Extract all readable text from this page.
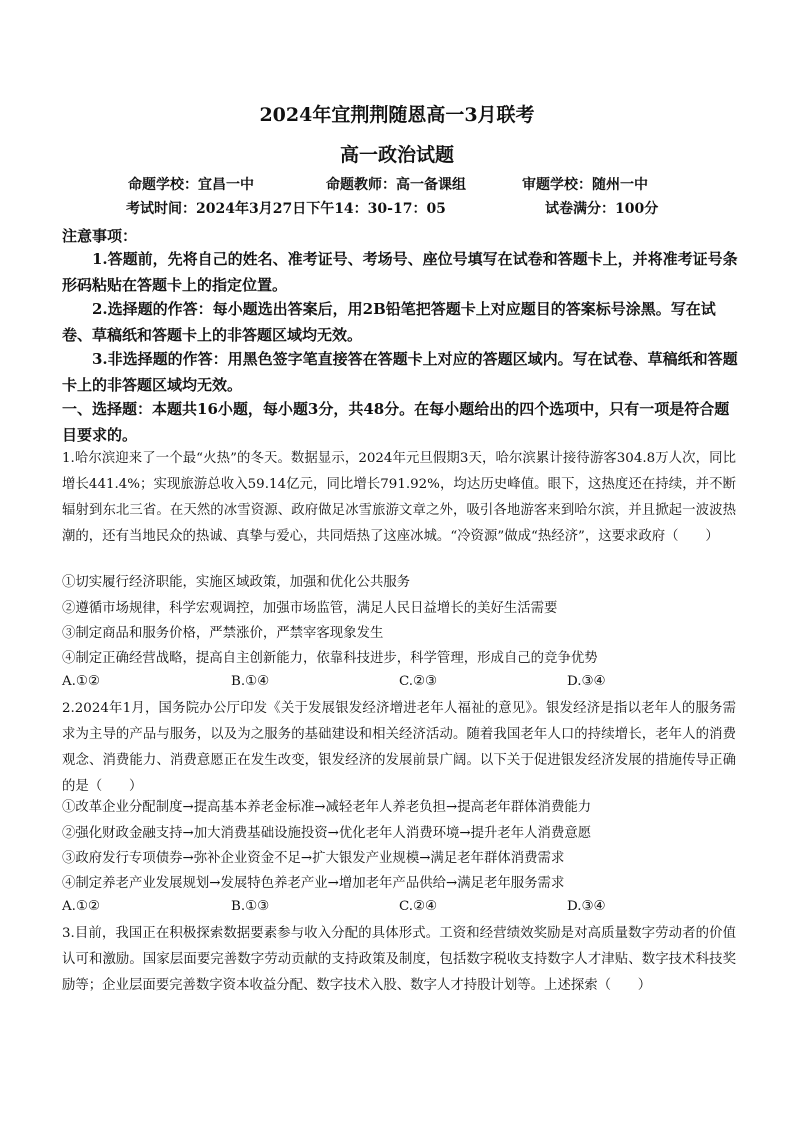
2024年宜荆荆随恩高一3月联考
高一政治试题
命题学校：宜昌一中	命题教师：高一备课组	审题学校：随州一中
考试时间：2024年3月27日下午14：30-17：05	试卷满分：100分
注意事项：

1.答题前，先将自己的姓名、准考证号、考场号、座位号填写在试卷和答题卡上，并将准考证号条形码粘贴在答题卡上的指定位置。

2.选择题的作答：每小题选出答案后，用2B铅笔把答题卡上对应题目的答案标号涂黑。写在试卷、草稿纸和答题卡上的非答题区域均无效。

3.非选择题的作答：用黑色签字笔直接答在答题卡上对应的答题区域内。写在试卷、草稿纸和答题卡上的非答题区域均无效。

一、选择题：本题共16小题，每小题3分，共48分。在每小题给出的四个选项中，只有一项是符合题目要求的。

1.哈尔滨迎来了一个最“火热”的冬天。数据显示，2024年元旦假期3天，哈尔滨累计接待游客304.8万人次，同比增长441.4%；实现旅游总收入59.14亿元，同比增长791.92%，均达历史峰值。眼下，这热度还在持续，并不断辐射到东北三省。在天然的冰雪资源、政府做足冰雪旅游文章之外，吸引各地游客来到哈尔滨，并且掀起一波波热潮的，还有当地民众的热诚、真挚与爱心，共同焐热了这座冰城。“冷资源”做成“热经济”，这要求政府（　　）

①切实履行经济职能，实施区域政策，加强和优化公共服务
②遵循市场规律，科学宏观调控，加强市场监管，满足人民日益增长的美好生活需要
③制定商品和服务价格，严禁涨价，严禁宰客现象发生
④制定正确经营战略，提高自主创新能力，依靠科技进步，科学管理，形成自己的竞争优势
A.①②	B.①④	C.②③	D.③④

2.2024年1月，国务院办公厅印发《关于发展银发经济增进老年人福祉的意见》。银发经济是指以老年人的服务需求为主导的产品与服务，以及为之服务的基础建设和相关经济活动。随着我国老年人口的持续增长，老年人的消费观念、消费能力、消费意愿正在发生改变，银发经济的发展前景广阔。以下关于促进银发经济发展的措施传导正确的是（　　）

①改革企业分配制度→提高基本养老金标准→减轻老年人养老负担→提高老年群体消费能力
②强化财政金融支持→加大消费基础设施投资→优化老年人消费环境→提升老年人消费意愿
③政府发行专项债券→弥补企业资金不足→扩大银发产业规模→满足老年群体消费需求
④制定养老产业发展规划→发展特色养老产业→增加老年产品供给→满足老年服务需求
A.①②	B.①③	C.②④	D.③④

3.目前，我国正在积极探索数据要素参与收入分配的具体形式。工资和经营绩效奖励是对高质量数字劳动者的价值认可和激励。国家层面要完善数字劳动贡献的支持政策及制度，包括数字税收支持数字人才津贴、数字技术科技奖励等；企业层面要完善数字资本收益分配、数字技术入股、数字人才持股计划等。上述探索（　　）
